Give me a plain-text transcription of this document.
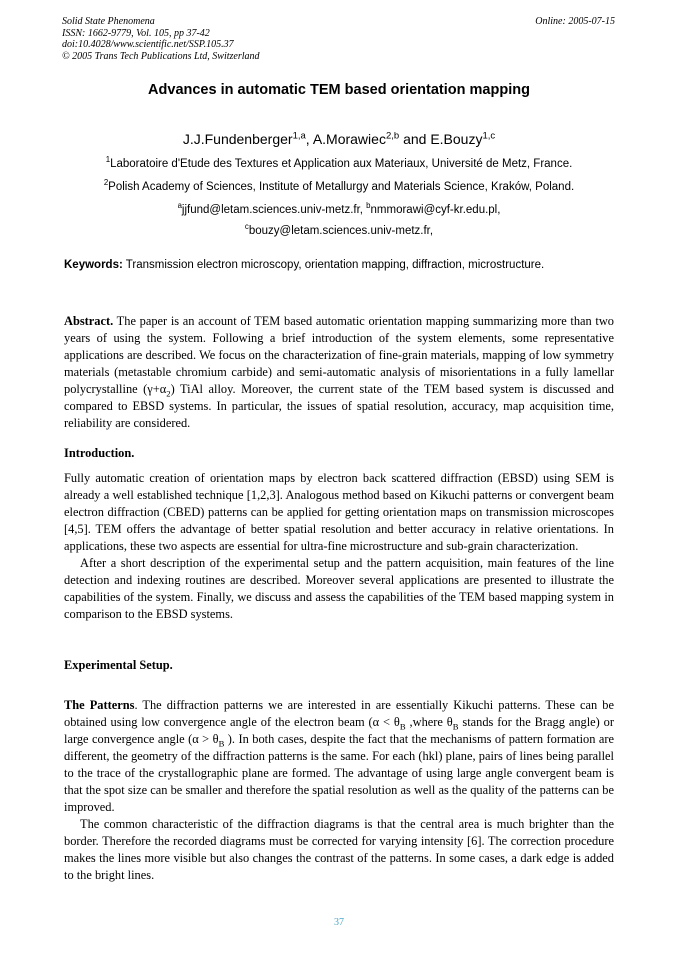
Solid State Phenomena
ISSN: 1662-9779, Vol. 105, pp 37-42
doi:10.4028/www.scientific.net/SSP.105.37
© 2005 Trans Tech Publications Ltd, Switzerland
Online: 2005-07-15
Advances in automatic TEM based orientation mapping
J.J.Fundenberger$^{1,a}$, A.Morawiec$^{2,b}$ and E.Bouzy$^{1,c}$
$^1$Laboratoire d'Etude des Textures et Application aux Materiaux, Université de Metz, France.
$^2$Polish Academy of Sciences, Institute of Metallurgy and Materials Science, Kraków, Poland.
$^a$jjfund@letam.sciences.univ-metz.fr, $^b$nmmorawi@cyf-kr.edu.pl,
$^c$bouzy@letam.sciences.univ-metz.fr,
Keywords: Transmission electron microscopy, orientation mapping, diffraction, microstructure.

Abstract. The paper is an account of TEM based automatic orientation mapping summarizing more than two years of using the system. Following a brief introduction of the system elements, some representative applications are described. We focus on the characterization of fine-grain materials, mapping of low symmetry materials (metastable chromium carbide) and semi-automatic analysis of misorientations in a fully lamellar polycrystalline $(\gamma+\alpha_2)$ TiAl alloy. Moreover, the current state of the TEM based system is discussed and compared to EBSD systems. In particular, the issues of spatial resolution, accuracy, map acquisition time, reliability are considered.

Introduction.

Fully automatic creation of orientation maps by electron back scattered diffraction (EBSD) using SEM is already a well established technique [1,2,3]. Analogous method based on Kikuchi patterns or convergent beam electron diffraction (CBED) patterns can be applied for getting orientation maps on transmission microscopes [4,5]. TEM offers the advantage of better spatial resolution and better accuracy in relative orientations. In applications, these two aspects are essential for ultra-fine microstructure and sub-grain characterization.

After a short description of the experimental setup and the pattern acquisition, main features of the line detection and indexing routines are described. Moreover several applications are presented to illustrate the capabilities of the system. Finally, we discuss and assess the capabilities of the TEM based mapping system in comparison to the EBSD systems.

Experimental Setup.

The Patterns. The diffraction patterns we are interested in are essentially Kikuchi patterns. These can be obtained using low convergence angle of the electron beam ($\alpha < \theta_B$ ,where $\theta_B$ stands for the Bragg angle) or large convergence angle ($\alpha > \theta_B$ ). In both cases, despite the fact that the mechanisms of pattern formation are different, the geometry of the diffraction patterns is the same. For each (hkl) plane, pairs of lines being parallel to the trace of the crystallographic plane are formed. The advantage of using large angle convergent beam is that the spot size can be smaller and therefore the spatial resolution as well as the quality of the patterns can be improved.

The common characteristic of the diffraction diagrams is that the central area is much brighter than the border. Therefore the recorded diagrams must be corrected for varying intensity [6]. The correction procedure makes the lines more visible but also changes the contrast of the patterns. In some cases, a dark edge is added to the bright lines.

37
